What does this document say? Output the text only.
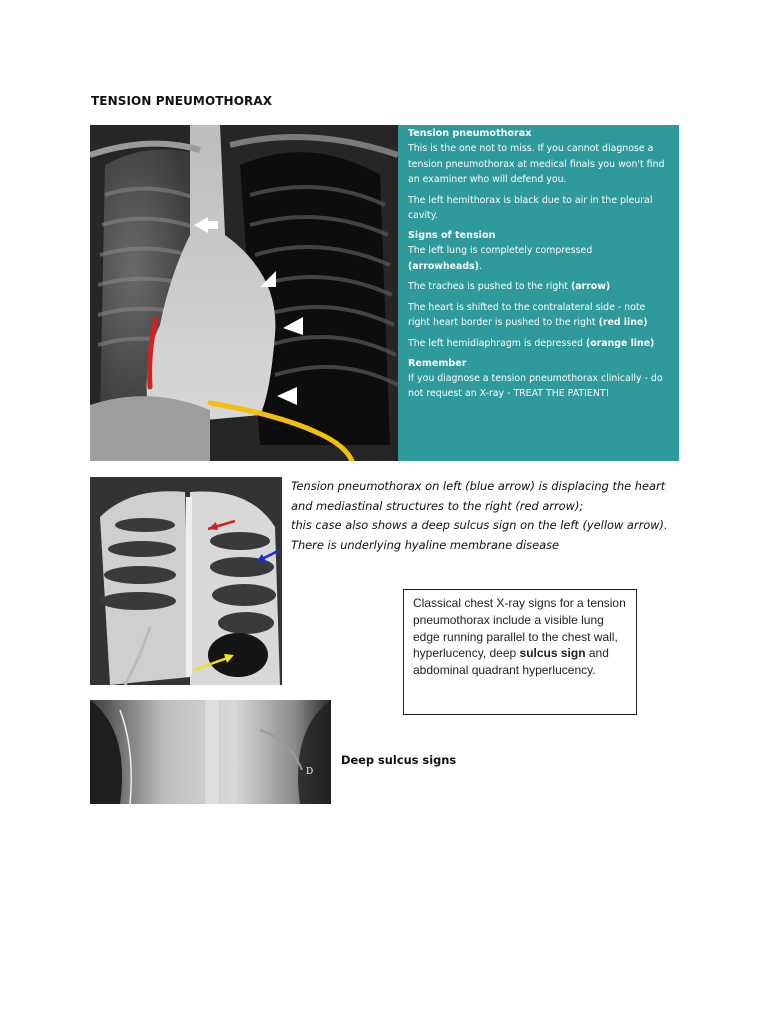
TENSION PNEUMOTHORAX
Tension pneumothorax

This is the one not to miss. If you cannot diagnose a tension pneumothorax at medical finals you won't find an examiner who will defend you.

The left hemithorax is black due to air in the pleural cavity.

Signs of tension

The left lung is completely compressed (arrowheads).

The trachea is pushed to the right (arrow)

The heart is shifted to the contralateral side - note right heart border is pushed to the right (red line)

The left hemidiaphragm is depressed (orange line)

Remember

If you diagnose a tension pneumothorax clinically - do not request an X-ray - TREAT THE PATIENT!

Tension pneumothorax on left (blue arrow) is displacing the heart
and mediastinal structures to the right (red arrow);
this case also shows a deep sulcus sign on the left (yellow arrow).
There is underlying hyaline membrane disease
Classical chest X-ray signs for a tension pneumothorax include a visible lung edge running parallel to the chest wall, hyperlucency, deep sulcus sign and abdominal quadrant hyperlucency.
D
Deep sulcus signs
